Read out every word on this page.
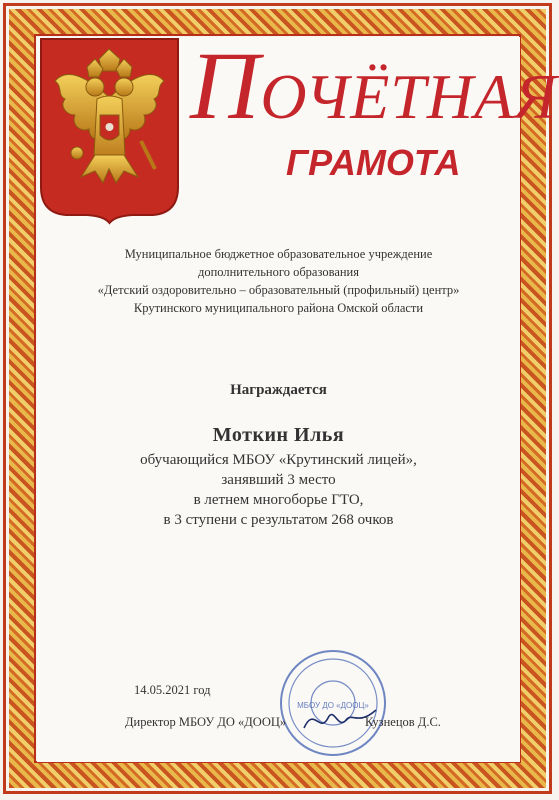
ПОЧЁТНАЯ
ГРАМОТА
Муниципальное бюджетное образовательное учреждение
дополнительного образования
«Детский оздоровительно – образовательный (профильный) центр»
Крутинского муниципального района Омской области
Награждается
Моткин Илья
обучающийся МБОУ «Крутинский лицей»,
занявший 3 место
в летнем многоборье ГТО,
в 3 ступени с результатом 268 очков
14.05.2021 год
МБОУ ДО «ДООЦ»
Директор МБОУ ДО «ДООЦ»	Кузнецов Д.С.
